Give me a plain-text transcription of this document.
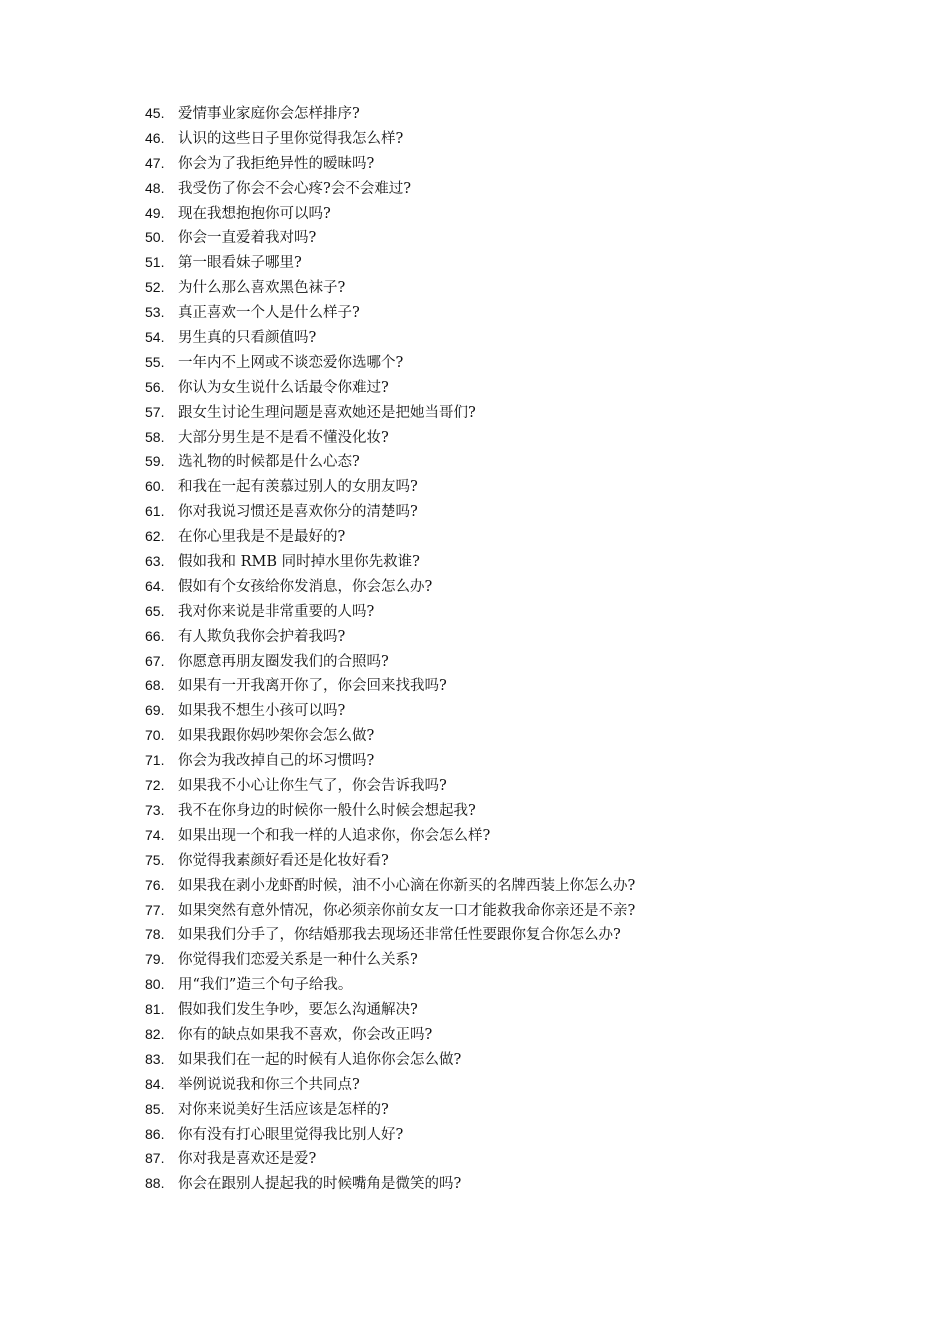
45. 爱情事业家庭你会怎样排序?
46. 认识的这些日子里你觉得我怎么样?
47. 你会为了我拒绝异性的暧昧吗?
48. 我受伤了你会不会心疼?会不会难过?
49. 现在我想抱抱你可以吗?
50. 你会一直爱着我对吗?
51. 第一眼看妹子哪里?
52. 为什么那么喜欢黑色袜子?
53. 真正喜欢一个人是什么样子?
54. 男生真的只看颜值吗?
55. 一年内不上网或不谈恋爱你选哪个?
56. 你认为女生说什么话最令你难过?
57. 跟女生讨论生理问题是喜欢她还是把她当哥们?
58. 大部分男生是不是看不懂没化妆?
59. 选礼物的时候都是什么心态?
60. 和我在一起有羡慕过别人的女朋友吗?
61. 你对我说习惯还是喜欢你分的清楚吗?
62. 在你心里我是不是最好的?
63. 假如我和 RMB 同时掉水里你先救谁?
64. 假如有个女孩给你发消息，你会怎么办?
65. 我对你来说是非常重要的人吗?
66. 有人欺负我你会护着我吗?
67. 你愿意再朋友圈发我们的合照吗?
68. 如果有一开我离开你了，你会回来找我吗?
69. 如果我不想生小孩可以吗?
70. 如果我跟你妈吵架你会怎么做?
71. 你会为我改掉自己的坏习惯吗?
72. 如果我不小心让你生气了，你会告诉我吗?
73. 我不在你身边的时候你一般什么时候会想起我?
74. 如果出现一个和我一样的人追求你，你会怎么样?
75. 你觉得我素颜好看还是化妆好看?
76. 如果我在剥小龙虾酌时候，油不小心滴在你新买的名牌西装上你怎么办?
77. 如果突然有意外情况，你必须亲你前女友一口才能救我命你亲还是不亲?
78. 如果我们分手了，你结婚那我去现场还非常任性要跟你复合你怎么办?
79. 你觉得我们恋爱关系是一种什么关系?
80. 用“我们”造三个句子给我。
81. 假如我们发生争吵，要怎么沟通解决?
82. 你有的缺点如果我不喜欢，你会改正吗?
83. 如果我们在一起的时候有人追你你会怎么做?
84. 举例说说我和你三个共同点?
85. 对你来说美好生活应该是怎样的?
86. 你有没有打心眼里觉得我比别人好?
87. 你对我是喜欢还是爱?
88. 你会在跟别人提起我的时候嘴角是微笑的吗?
